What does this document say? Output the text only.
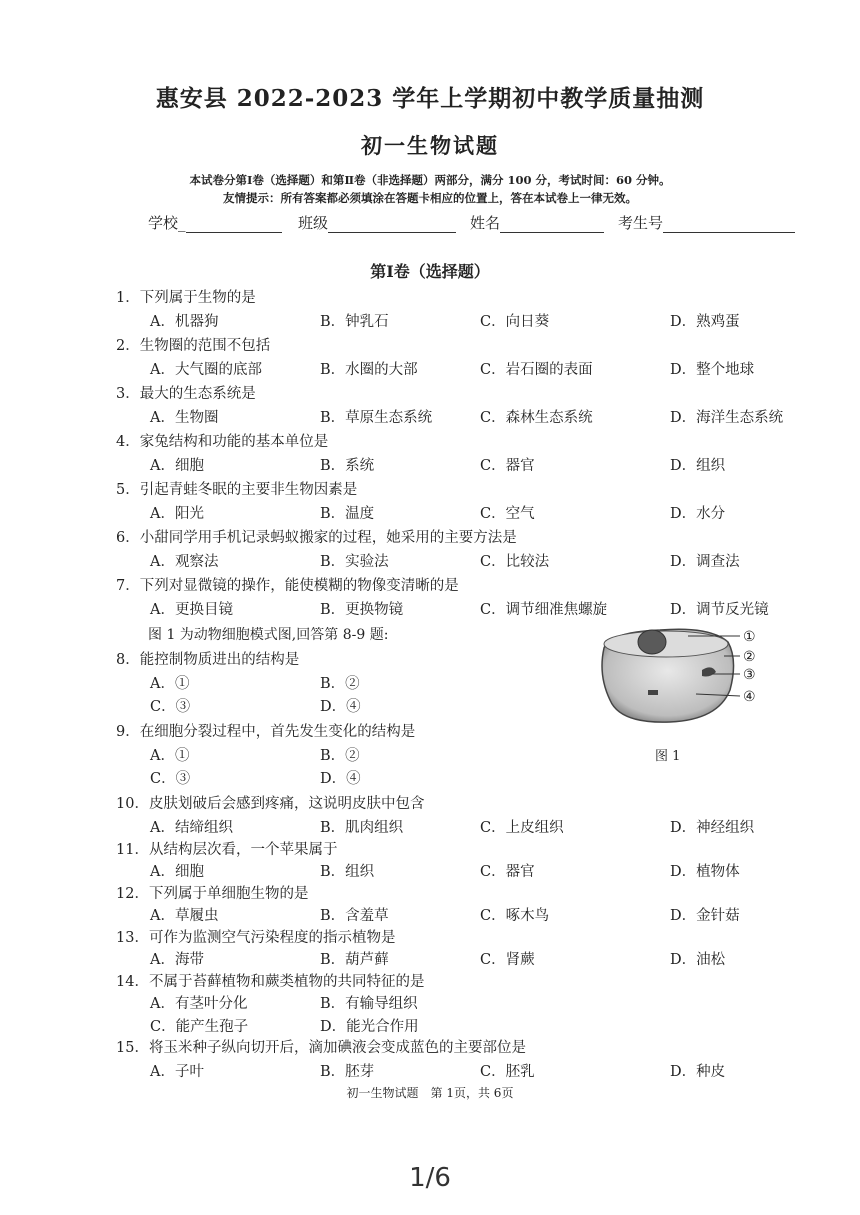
惠安县 2022-2023 学年上学期初中教学质量抽测
初一生物试题
本试卷分第Ⅰ卷（选择题）和第Ⅱ卷（非选择题）两部分，满分 100 分，考试时间：60 分钟。
友情提示：所有答案都必须填涂在答题卡相应的位置上，答在本试卷上一律无效。
学校_	班级	姓名	考生号
第Ⅰ卷（选择题）
1．下列属于生物的是
A．机器狗	B．钟乳石	C．向日葵	D．熟鸡蛋
2．生物圈的范围不包括
A．大气圈的底部	B．水圈的大部	C．岩石圈的表面	D．整个地球
3．最大的生态系统是
A．生物圈	B．草原生态系统	C．森林生态系统	D．海洋生态系统
4．家兔结构和功能的基本单位是
A．细胞	B．系统	C．器官	D．组织
5．引起青蛙冬眠的主要非生物因素是
A．阳光	B．温度	C．空气	D．水分
6．小甜同学用手机记录蚂蚁搬家的过程，她采用的主要方法是
A．观察法	B．实验法	C．比较法	D．调查法
7．下列对显微镜的操作，能使模糊的物像变清晰的是
A．更换目镜	B．更换物镜	C．调节细准焦螺旋	D．调节反光镜
8．能控制物质进出的结构是
A．①	B．②
C．③	D．④
9．在细胞分裂过程中，首先发生变化的结构是
A．①	B．②
C．③	D．④
10．皮肤划破后会感到疼痛，这说明皮肤中包含
A．结缔组织	B．肌肉组织	C．上皮组织	D．神经组织
11．从结构层次看，一个苹果属于
A．细胞	B．组织	C．器官	D．植物体
12．下列属于单细胞生物的是
A．草履虫	B．含羞草	C．啄木鸟	D．金针菇
13．可作为监测空气污染程度的指示植物是
A．海带	B．葫芦藓	C．肾蕨	D．油松
14．不属于苔藓植物和蕨类植物的共同特征的是
A．有茎叶分化	B．有输导组织
C．能产生孢子	D．能光合作用
15．将玉米种子纵向切开后，滴加碘液会变成蓝色的主要部位是
A．子叶	B．胚芽	C．胚乳	D．种皮
图 1 为动物细胞模式图,回答第 8-9 题:	①
②
③
④
图 1
初一生物试题　第 1页，共 6页
1/6
